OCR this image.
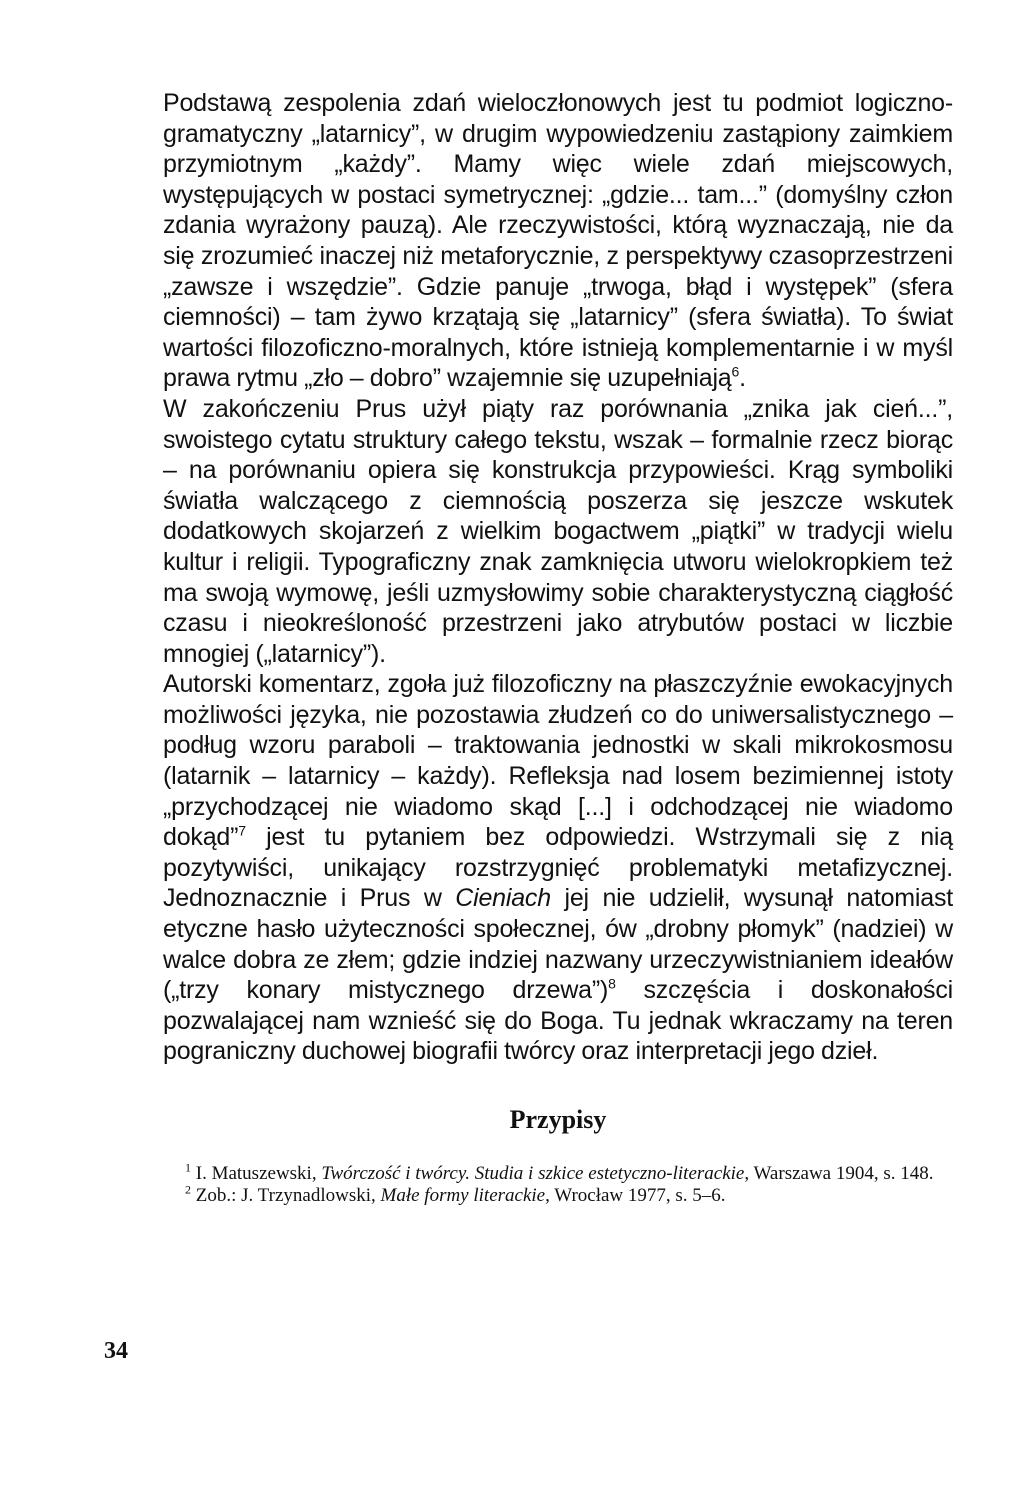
Podstawą zespolenia zdań wieloczłonowych jest tu podmiot logiczno-gramatyczny „latarnicy”, w drugim wypowiedzeniu zastąpiony zaimkiem przymiotnym „każdy”. Mamy więc wiele zdań miejscowych, występujących w postaci symetrycznej: „gdzie... tam...” (domyślny człon zdania wyrażony pauzą). Ale rzeczywistości, którą wyznaczają, nie da się zrozumieć inaczej niż metaforycznie, z perspektywy czasoprzestrzeni „zawsze i wszędzie”. Gdzie panuje „trwoga, błąd i występek” (sfera ciemności) – tam żywo krzątają się „latarnicy” (sfera światła). To świat wartości filozoficzno-moralnych, które istnieją komplementarnie i w myśl prawa rytmu „zło – dobro” wzajemnie się uzupełniają$^6$.

W zakończeniu Prus użył piąty raz porównania „znika jak cień...”, swoistego cytatu struktury całego tekstu, wszak – formalnie rzecz biorąc – na porównaniu opiera się konstrukcja przypowieści. Krąg symboliki światła walczącego z ciemnością poszerza się jeszcze wskutek dodatkowych skojarzeń z wielkim bogactwem „piątki” w tradycji wielu kultur i religii. Typograficzny znak zamknięcia utworu wielokropkiem też ma swoją wymowę, jeśli uzmysłowimy sobie charakterystyczną ciągłość czasu i nieokreśloność przestrzeni jako atrybutów postaci w liczbie mnogiej („latarnicy”).

Autorski komentarz, zgoła już filozoficzny na płaszczyźnie ewokacyjnych możliwości języka, nie pozostawia złudzeń co do uniwersalistycznego – podług wzoru paraboli – traktowania jednostki w skali mikrokosmosu (latarnik – latarnicy – każdy). Refleksja nad losem bezimiennej istoty „przychodzącej nie wiadomo skąd [...] i odchodzącej nie wiadomo dokąd”$^7$ jest tu pytaniem bez odpowiedzi. Wstrzymali się z nią pozytywiści, unikający rozstrzygnięć problematyki metafizycznej. Jednoznacznie i Prus w Cieniach jej nie udzielił, wysunął natomiast etyczne hasło użyteczności społecznej, ów „drobny płomyk” (nadziei) w walce dobra ze złem; gdzie indziej nazwany urzeczywistnianiem ideałów („trzy konary mistycznego drzewa”)$^8$ szczęścia i doskonałości pozwalającej nam wznieść się do Boga. Tu jednak wkraczamy na teren pograniczny duchowej biografii twórcy oraz interpretacji jego dzieł.

Przypisy

$^1$ I. Matuszewski, Twórczość i twórcy. Studia i szkice estetyczno-literackie, Warszawa 1904, s. 148.

$^2$ Zob.: J. Trzynadlowski, Małe formy literackie, Wrocław 1977, s. 5–6.

34
